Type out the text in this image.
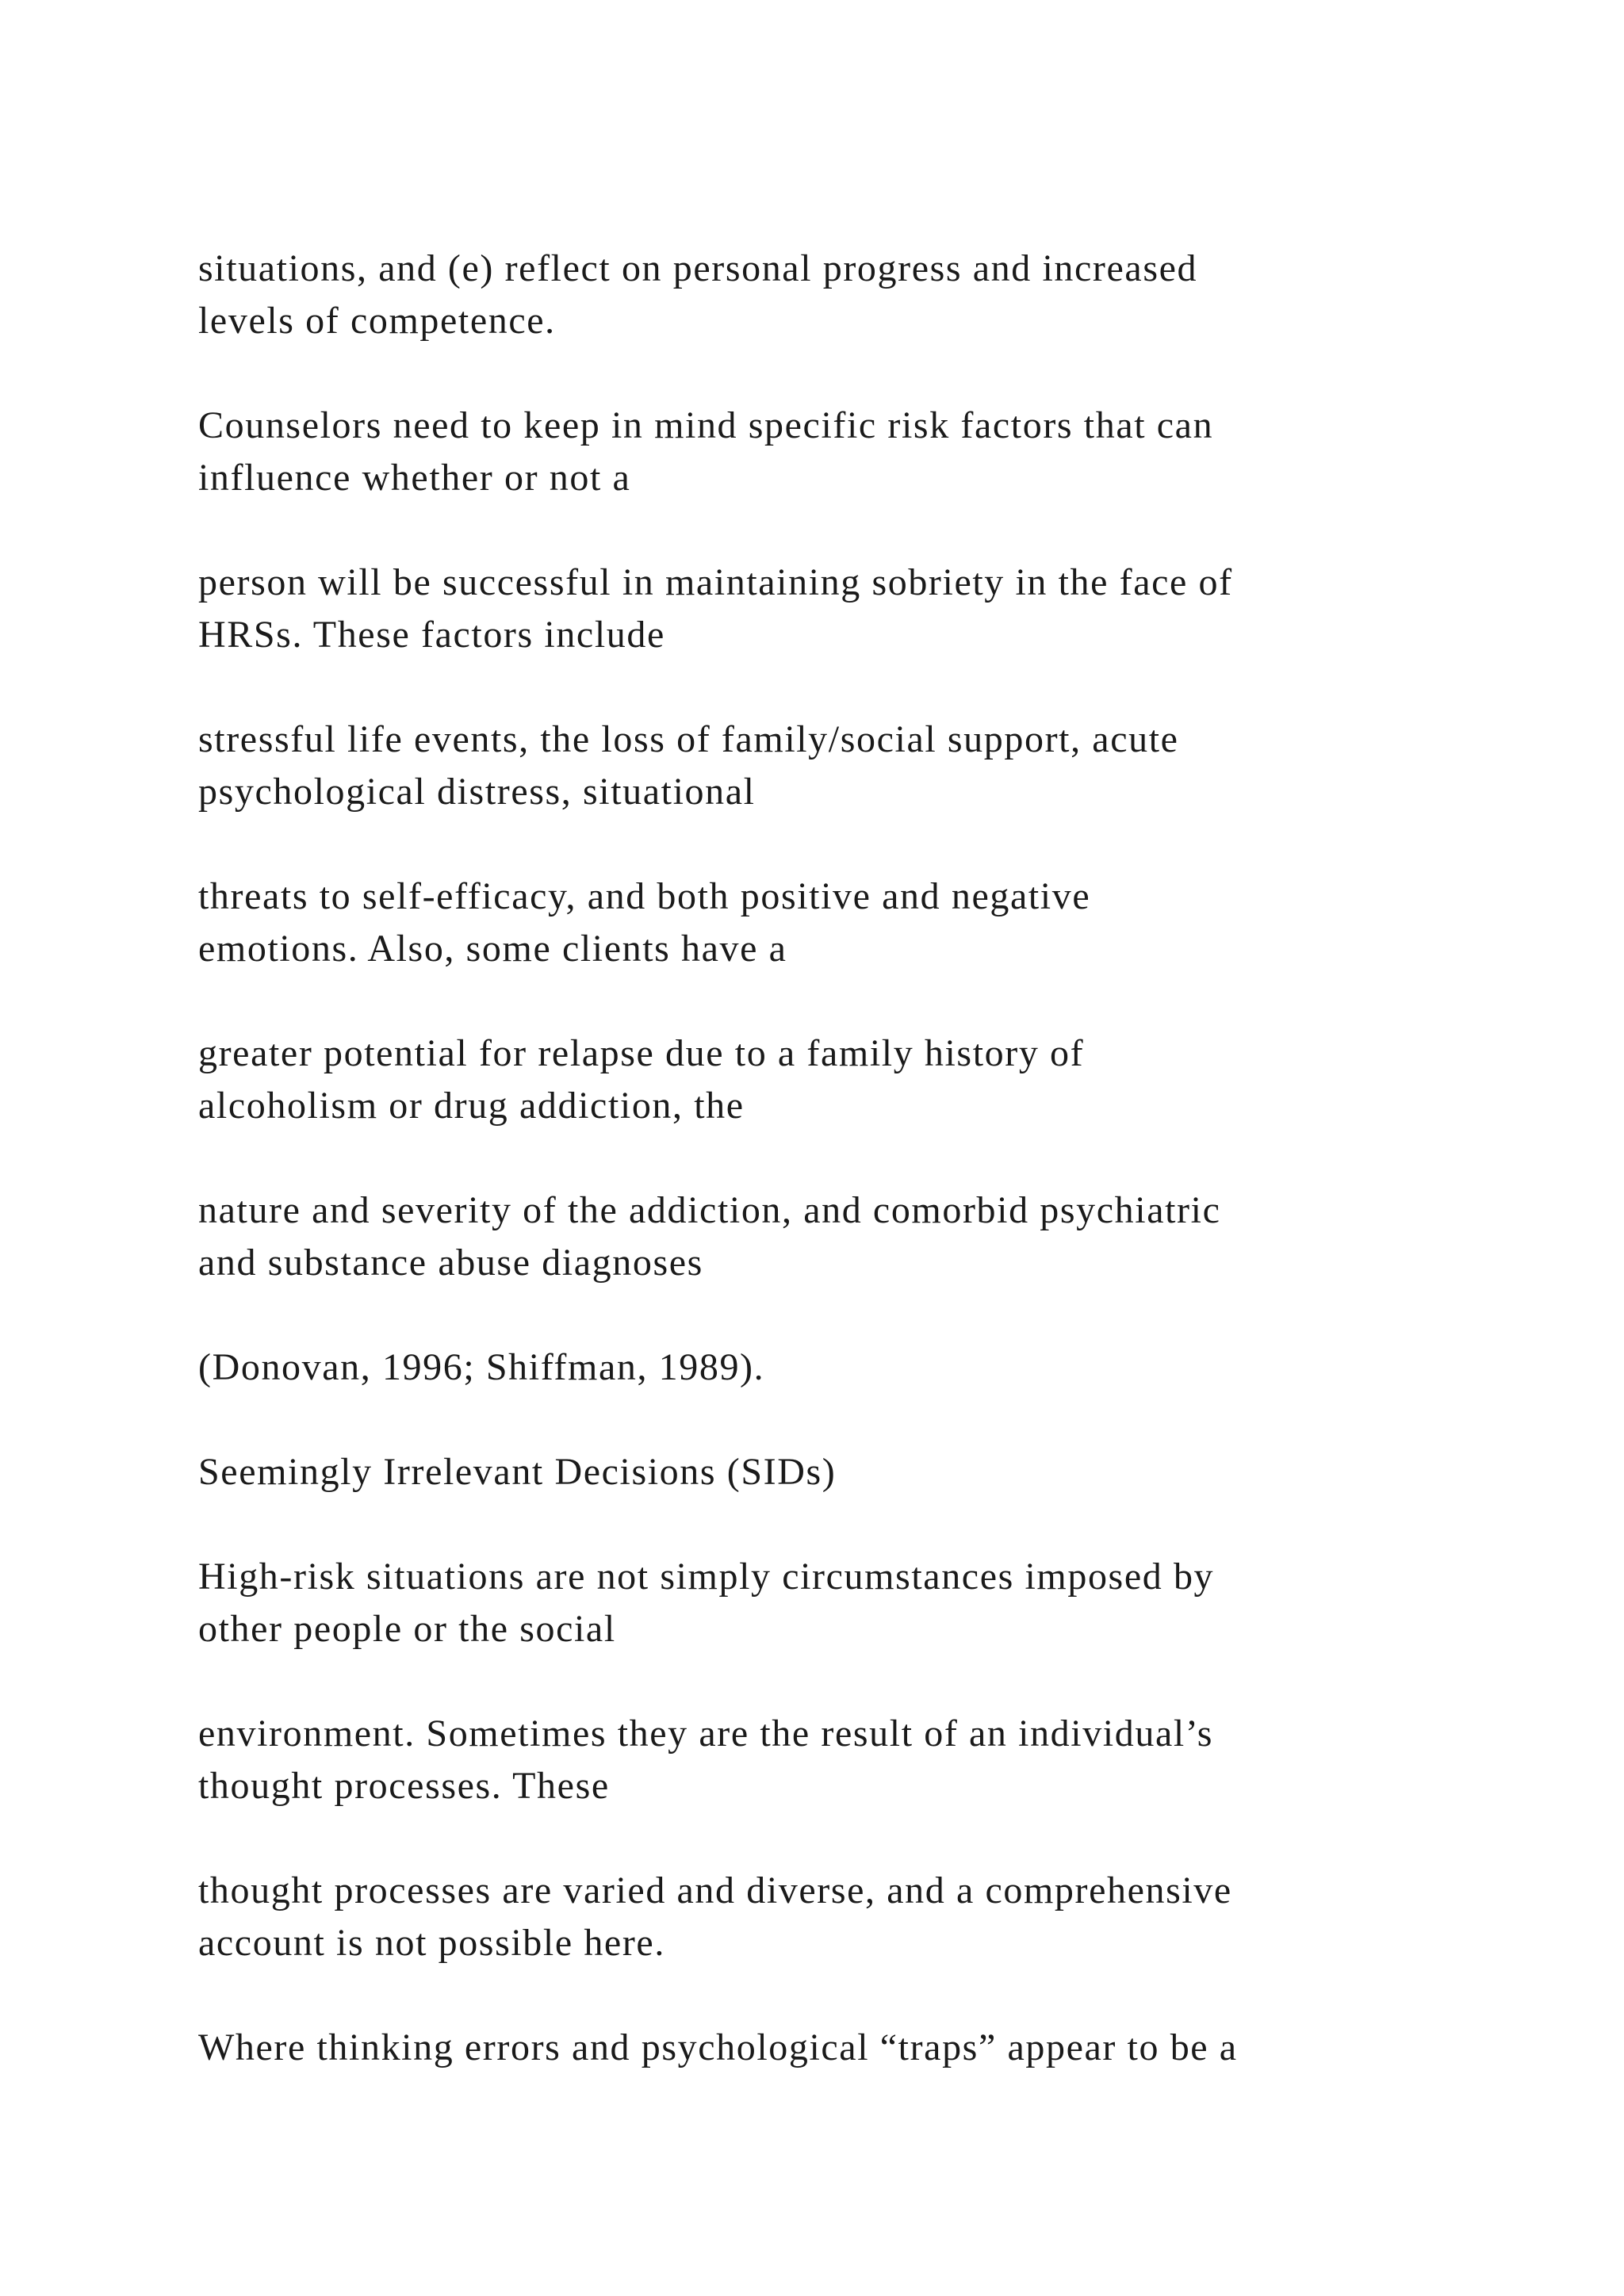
situations, and (e) reflect on personal progress and increased
levels of competence.

Counselors need to keep in mind specific risk factors that can
influence whether or not a

person will be successful in maintaining sobriety in the face of
HRSs. These factors include

stressful life events, the loss of family/social support, acute
psychological distress, situational

threats to self-efficacy, and both positive and negative
emotions. Also, some clients have a

greater potential for relapse due to a family history of
alcoholism or drug addiction, the

nature and severity of the addiction, and comorbid psychiatric
and substance abuse diagnoses

(Donovan, 1996; Shiffman, 1989).

Seemingly Irrelevant Decisions (SIDs)

High-risk situations are not simply circumstances imposed by
other people or the social

environment. Sometimes they are the result of an individual’s
thought processes. These

thought processes are varied and diverse, and a comprehensive
account is not possible here.

Where thinking errors and psychological “traps” appear to be a
